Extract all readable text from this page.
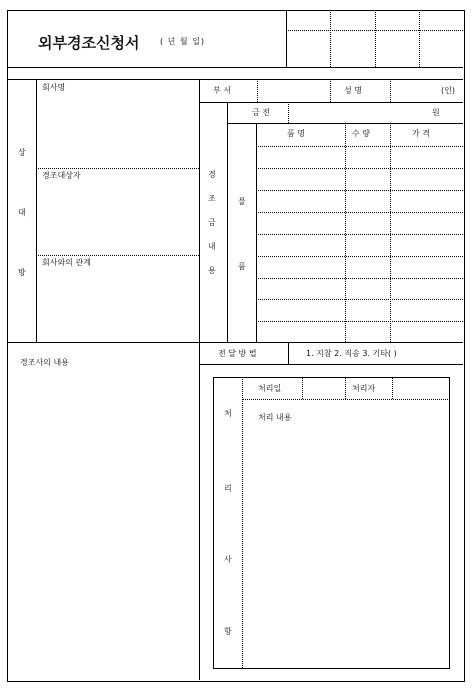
외부경조신청서	( 년 월 일)
상
대
방
회사명
경조대상자
회사와의 관계
부 서	성 명	(인)
경
조
금
내
용
금 전	원
물
품
품 명	수 량	가 격
경조사의 내용
전 달 방 법	1. 지참 2. 직송 3. 기타( )
처
리
사
항
처리일	처리자
처리 내용
